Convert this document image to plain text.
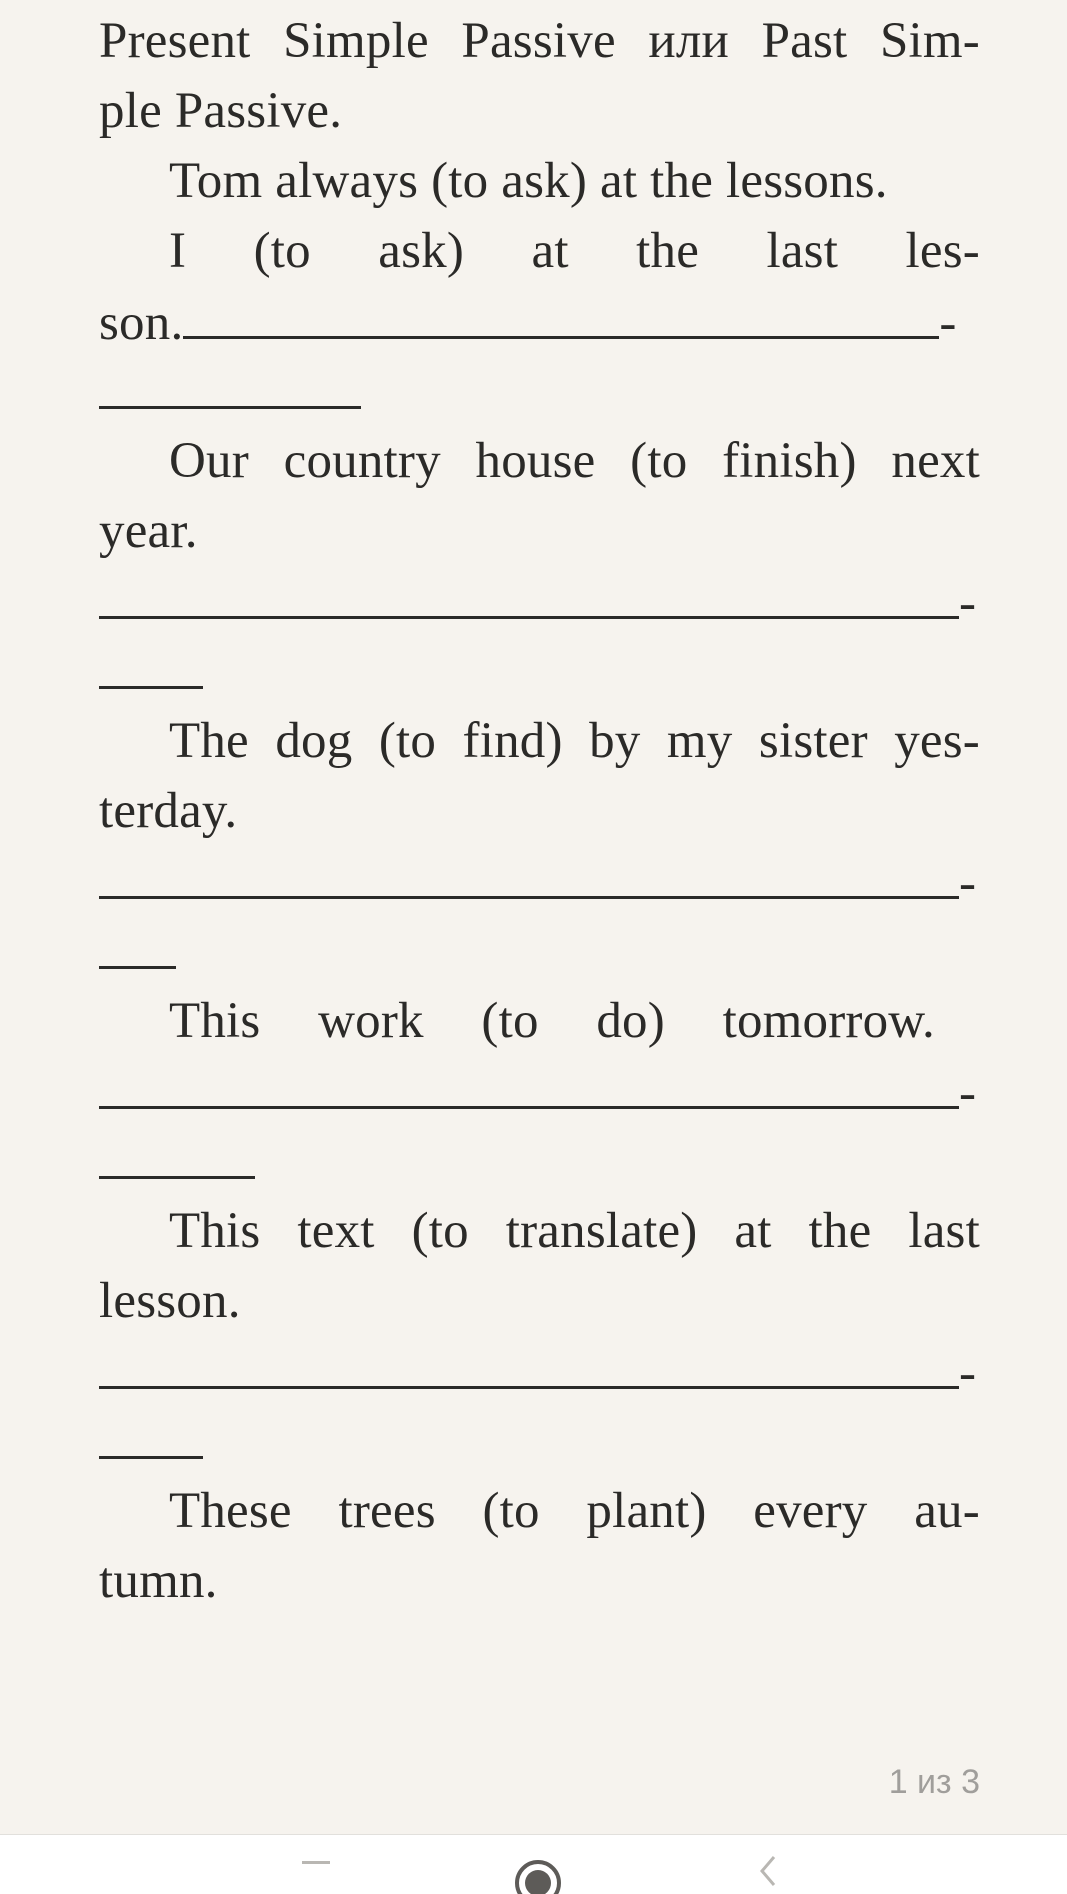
Present Simple Passive или Past Sim-
ple Passive.
Tom always (to ask) at the lessons.
I (to ask) at the last les-
son.	-
Our country house (to finish) next
year.
-
The dog (to find) by my sister yes-
terday.
-
This work (to do) tomorrow.
-
This text (to translate) at the last
lesson.
-
These trees (to plant) every au-
tumn.
1 из 3
